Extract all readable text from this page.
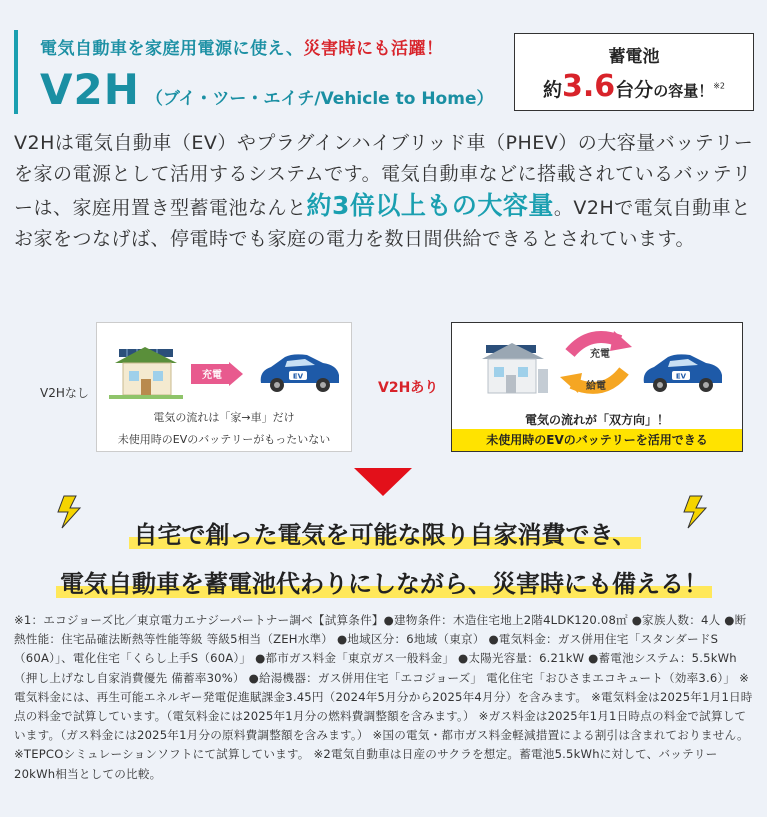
電気自動車を家庭用電源に使え、災害時にも活躍！
V2H （ブイ・ツー・エイチ/Vehicle to Home）
蓄電池
約3.6台分の容量！$^{※2}$
V2Hは電気自動車（EV）やプラグインハイブリッド車（PHEV）の大容量バッテリーを家の電源として活用するシステムです。電気自動車などに搭載されているバッテリーは、家庭用置き型蓄電池なんと約3倍以上もの大容量。V2Hで電気自動車とお家をつなげば、停電時でも家庭の電力を数日間供給できるとされています。
V2Hなし
EV
充電
電気の流れは「家→車」だけ
未使用時のEVのバッテリーがもったいない
V2Hあり
充電
給電
EV
電気の流れが「双方向」！
未使用時のEVのバッテリーを活用できる
自宅で創った電気を可能な限り自家消費でき、
電気自動車を蓄電池代わりにしながら、災害時にも備える！
※1：エコジョーズ比／東京電力エナジーパートナー調べ【試算条件】●建物条件：木造住宅地上2階4LDK120.08㎡ ●家族人数：4人 ●断熱性能：住宅品確法断熱等性能等級 等級5相当（ZEH水準） ●地域区分：6地域（東京） ●電気料金：ガス併用住宅「スタンダードS（60A）」、電化住宅「くらし上手S（60A）」 ●都市ガス料金「東京ガス一般料金」 ●太陽光容量：6.21kW ●蓄電池システム：5.5kWh（押し上げなし自家消費優先 備蓄率30%） ●給湯機器：ガス併用住宅「エコジョーズ」 電化住宅「おひさまエコキュート（効率3.6）」 ※電気料金には、再生可能エネルギー発電促進賦課金3.45円（2024年5月分から2025年4月分）を含みます。 ※電気料金は2025年1月1日時点の料金で試算しています。（電気料金には2025年1月分の燃料費調整額を含みます。） ※ガス料金は2025年1月1日時点の料金で試算しています。（ガス料金には2025年1月分の原料費調整額を含みます。） ※国の電気・都市ガス料金軽減措置による割引は含まれておりません。 ※TEPCOシミュレーションソフトにて試算しています。 ※2電気自動車は日産のサクラを想定。蓄電池5.5kWhに対して、バッテリー20kWh相当としての比較。
